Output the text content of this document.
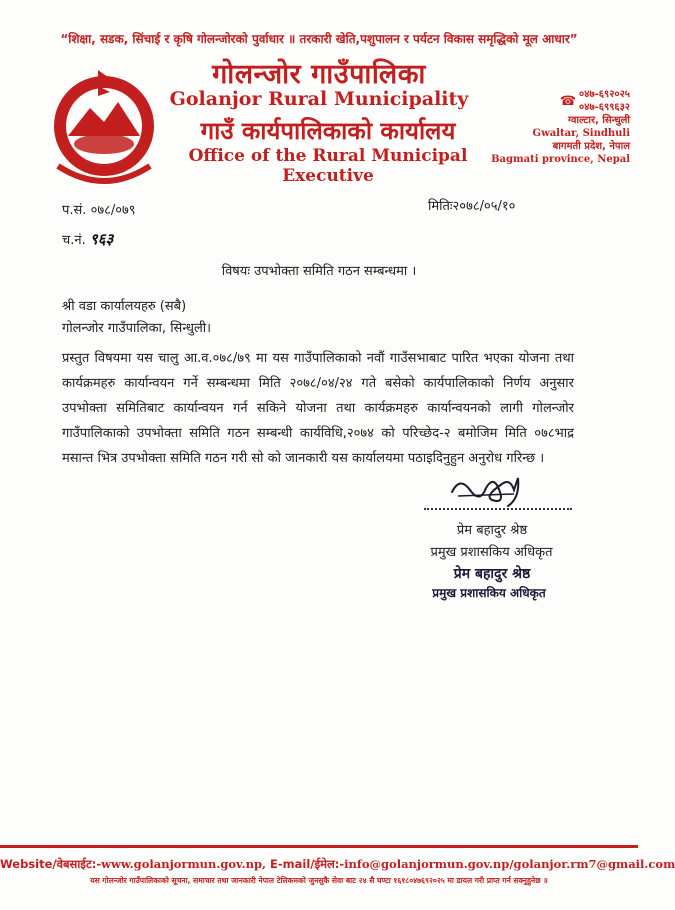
“शिक्षा, सडक, सिंचाई र कृषि गोलन्जोरको पुर्वाधार ॥ तरकारी खेति,पशुपालन र पर्यटन विकास समृद्धिको मूल आधार”
गोलन्जोर गाउँपालिका
Golanjor Rural Municipality
गाउँ कार्यपालिकाको कार्यालय
Office of the Rural Municipal Executive
☎ ०४७-६९२०२५
०४७-६९९६३२
ग्वाल्टार, सिन्धुली
Gwaltar, Sindhuli
बागमती प्रदेश, नेपाल
Bagmati province, Nepal
प.सं. ०७८/०७९	मितिः२०७८/०५/१०
च.नं. ९६३
विषयः उपभोक्ता समिति गठन सम्बन्धमा ।
श्री वडा कार्यालयहरु (सबै)
गोलन्जोर गाउँपालिका, सिन्धुली।
प्रस्तुत विषयमा यस चालु आ.व.०७८/७९ मा यस गाउँपालिकाको नवौं गाउँसभाबाट पारित भएका योजना तथा कार्यक्रमहरु कार्यान्वयन गर्ने सम्बन्धमा मिति २०७८/०४/२४ गते बसेको कार्यपालिकाको निर्णय अनुसार उपभोक्ता समितिबाट कार्यान्वयन गर्न सकिने योजना तथा कार्यक्रमहरु कार्यान्वयनको लागी गोलन्जोर गाउँपालिकाको उपभोक्ता समिति गठन सम्बन्धी कार्यविधि,२०७४ को परिच्छेद-२ बमोजिम मिति ०७८भाद्र मसान्त भित्र उपभोक्ता समिति गठन गरी सो को जानकारी यस कार्यालयमा पठाइदिनुहुन अनुरोध गरिन्छ ।
प्रेम बहादुर श्रेष्ठ
प्रमुख प्रशासकिय अधिकृत
प्रेम बहादुर श्रेष्ठ
प्रमुख प्रशासकिय अधिकृत
Website/वेबसाईट:-www.golanjormun.gov.np, E-mail/ईमेल:-info@golanjormun.gov.np/golanjor.rm7@gmail.com
यस गोलन्जोर गाउँपालिकाको सूचना, समाचार तथा जानकारी नेपाल टेलिकमको जुनसुकै सेवा बाट २४ सै घण्टा १६१८०४७६९२०२५ मा डायल गरी प्राप्त गर्न सक्नुहुनेछ ॥
